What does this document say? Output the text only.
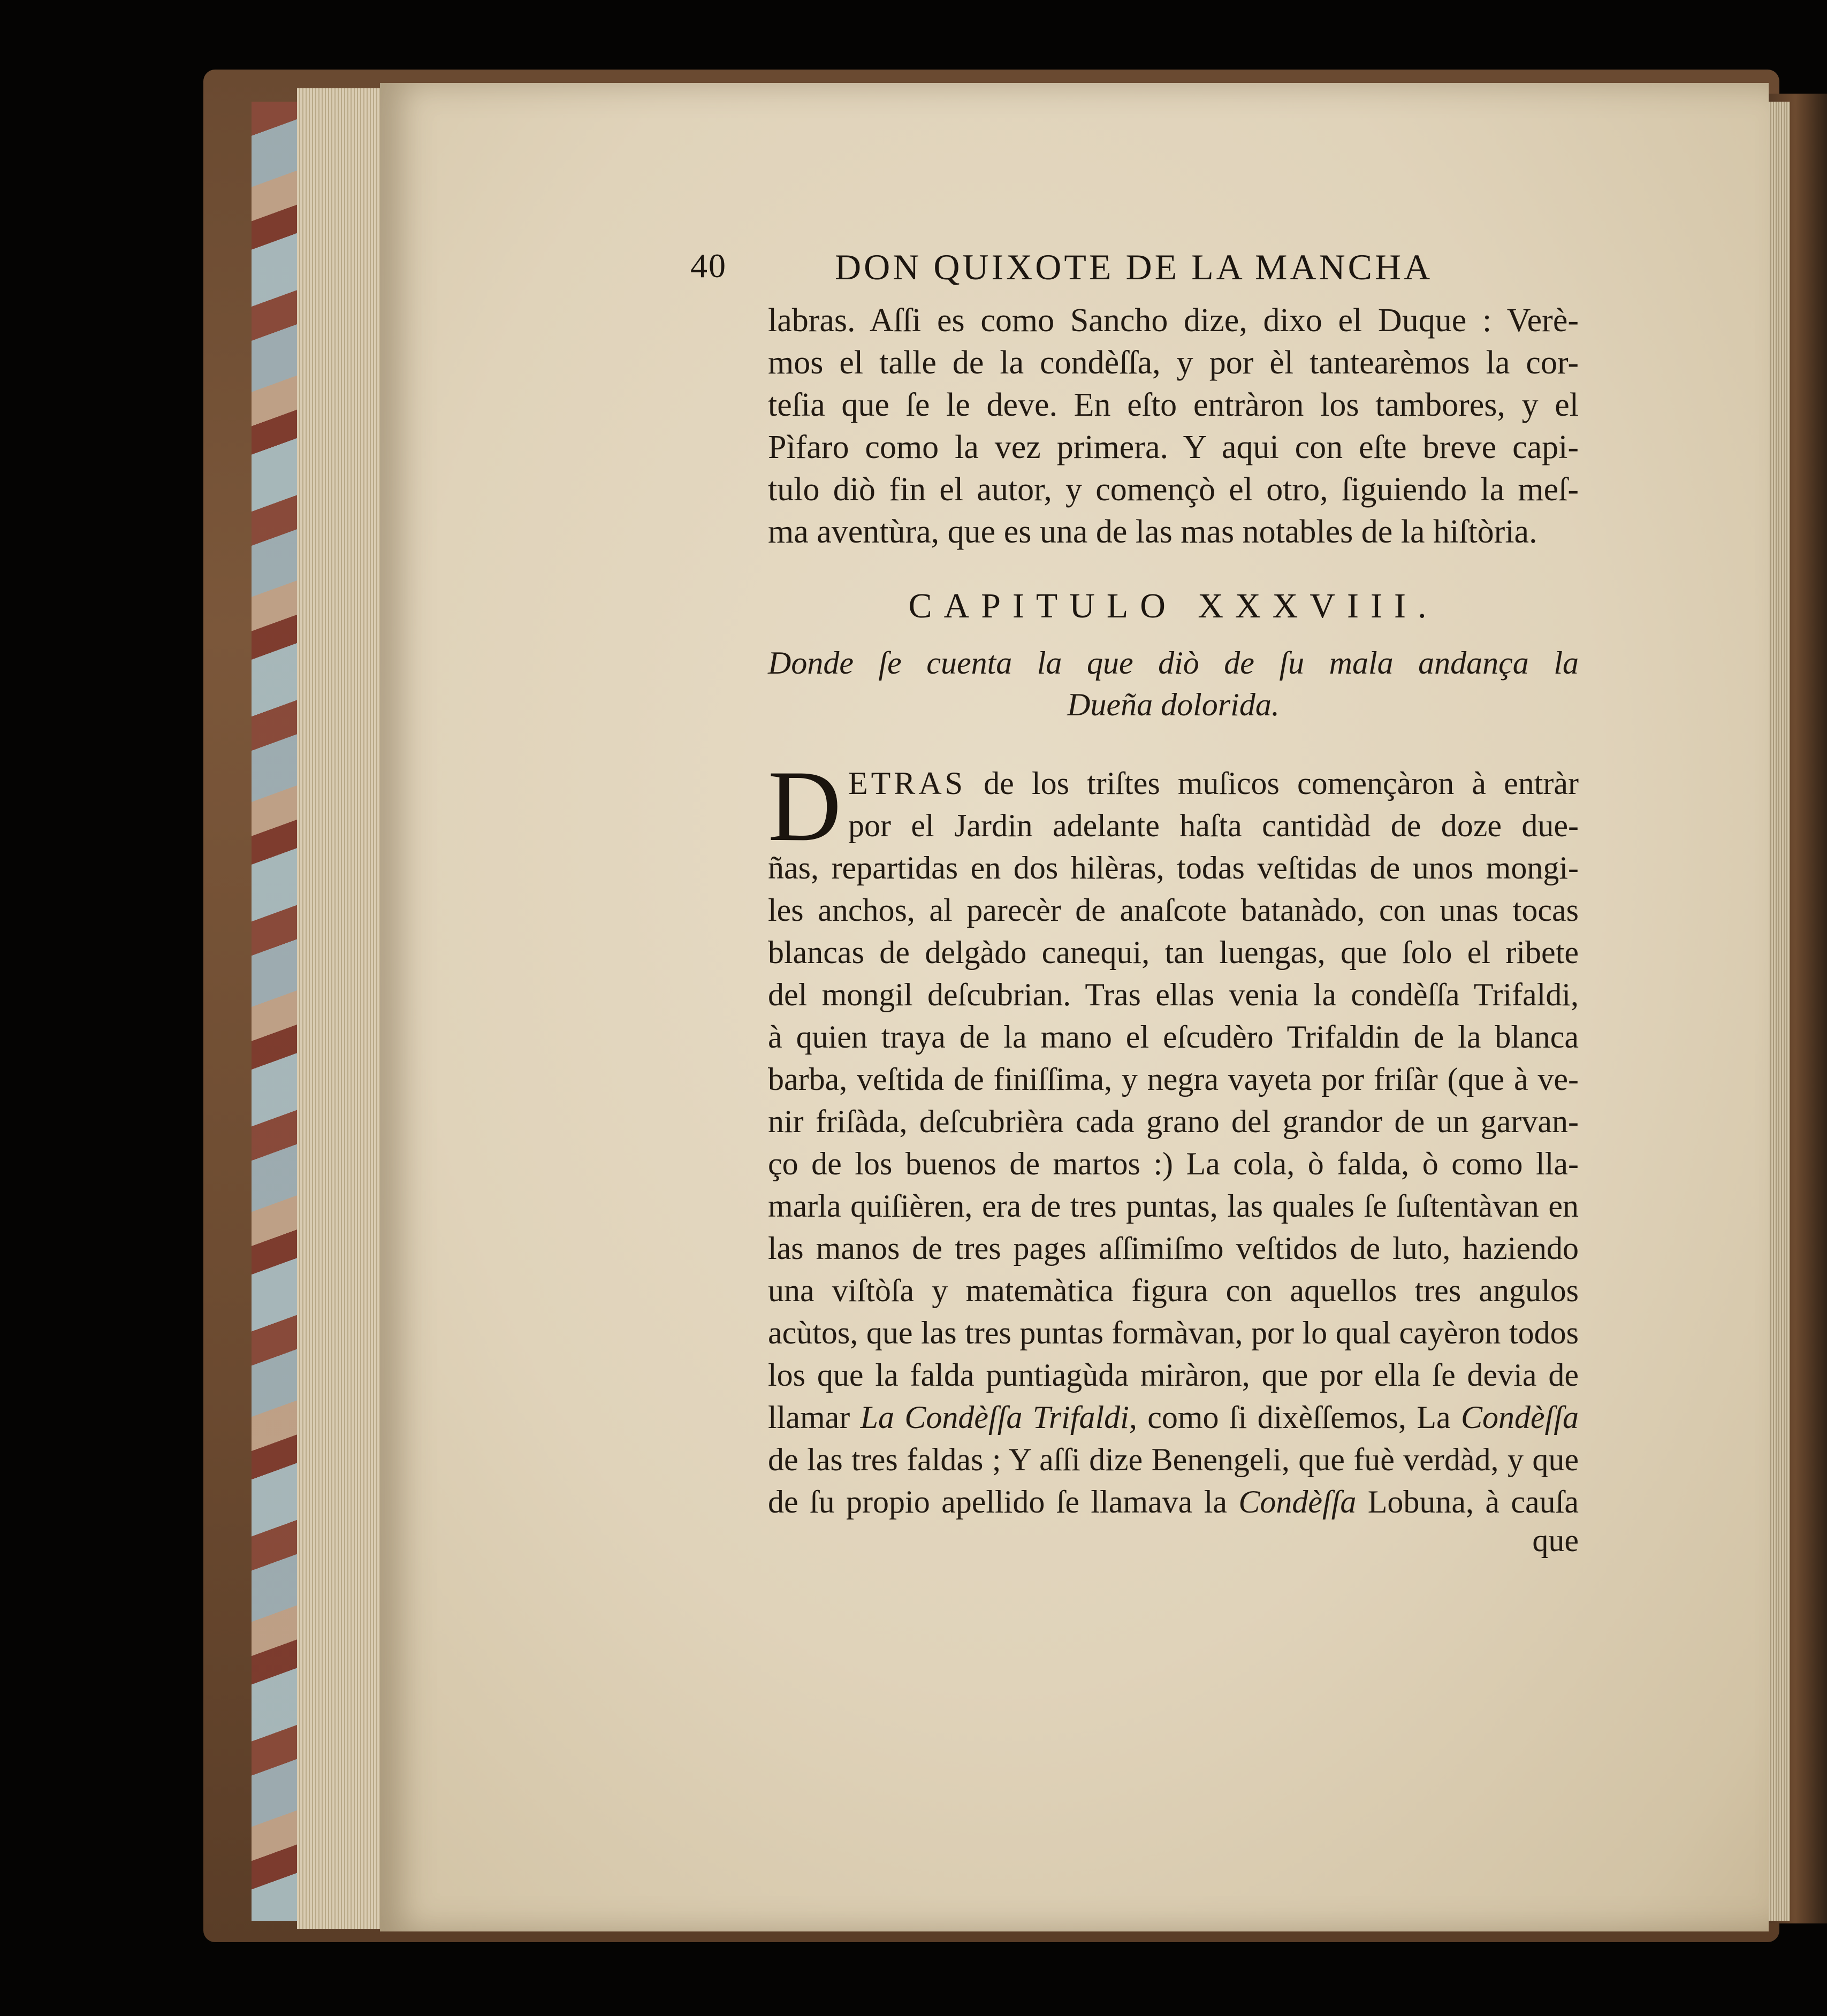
40	DON QUIXOTE DE LA MANCHA
labras. Aſſi es como Sancho dize, dixo el Duque : Verè-
mos el talle de la condèſſa, y por èl tantearèmos la cor-
teſia que ſe le deve. En eſto entràron los tambores, y el
Pìfaro como la vez primera. Y aqui con eſte breve capi-
tulo diò fin el autor, y començò el otro, ſiguiendo la meſ-
ma aventùra, que es una de las mas notables de la hiſtòria.
CAPITULO XXXVIII.
Donde ſe cuenta la que diò de ſu mala andança la
Dueña dolorida.
D ETRAS de los triſtes muſicos començàron à entràr
por el Jardin adelante haſta cantidàd de doze due-
ñas, repartidas en dos hilèras, todas veſtidas de unos mongi-
les anchos, al parecèr de anaſcote batanàdo, con unas tocas
blancas de delgàdo canequi, tan luengas, que ſolo el ribete
del mongil deſcubrian. Tras ellas venia la condèſſa Trifaldi,
à quien traya de la mano el eſcudèro Trifaldin de la blanca
barba, veſtida de finiſſima, y negra vayeta por friſàr (que à ve-
nir friſàda, deſcubrièra cada grano del grandor de un garvan-
ço de los buenos de martos :) La cola, ò falda, ò como lla-
marla quiſièren, era de tres puntas, las quales ſe ſuſtentàvan en
las manos de tres pages aſſimiſmo veſtidos de luto, haziendo
una viſtòſa y matemàtica figura con aquellos tres angulos
acùtos, que las tres puntas formàvan, por lo qual cayèron todos
los que la falda puntiagùda miràron, que por ella ſe devia de
llamar La Condèſſa Trifaldi, como ſi dixèſſemos, La Condèſſa
de las tres faldas ; Y aſſi dize Benengeli, que fuè verdàd, y que
de ſu propio apellido ſe llamava la Condèſſa Lobuna, à cauſa
que
